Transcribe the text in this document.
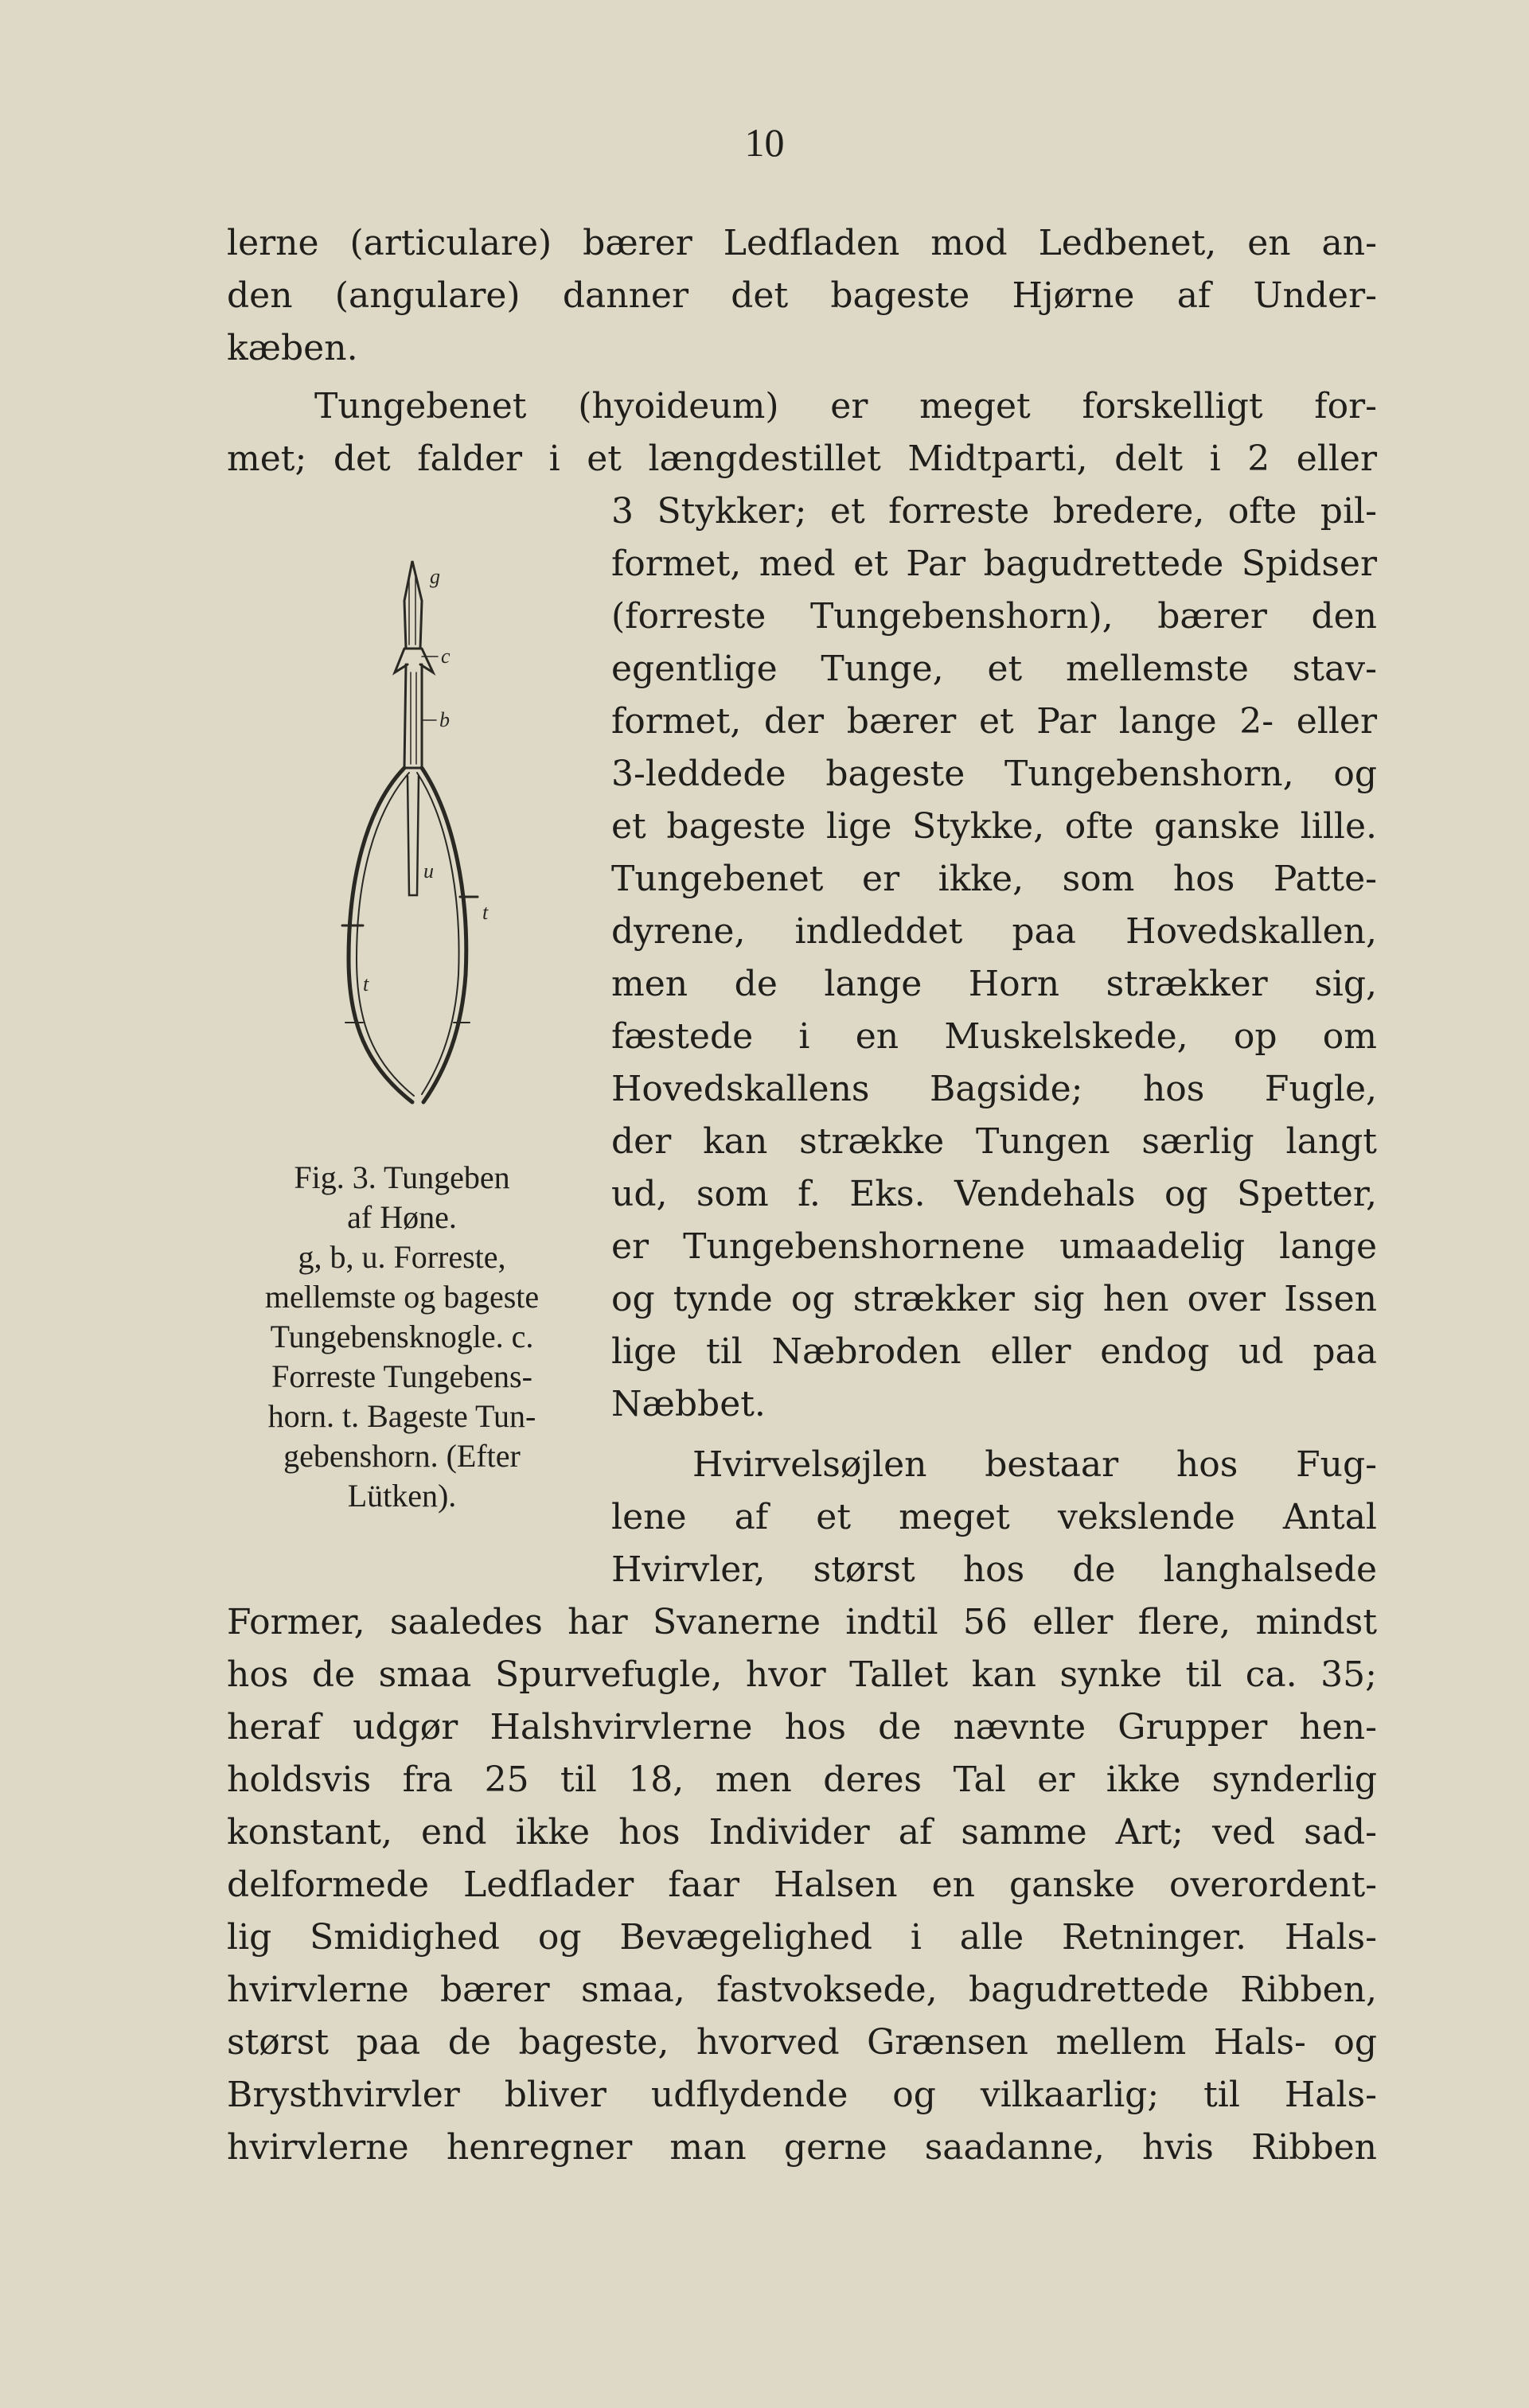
10
lerne (articulare) bærer Ledfladen mod Ledbenet, en an-
den (angulare) danner det bageste Hjørne af Under-
kæben.
Tungebenet (hyoideum) er meget forskelligt for-
met; det falder i et længdestillet Midtparti, delt i 2 eller
3 Stykker; et forreste bredere, ofte pil-
formet, med et Par bagudrettede Spidser
(forreste Tungebenshorn), bærer den
egentlige Tunge, et mellemste stav-
formet, der bærer et Par lange 2- eller
3-leddede bageste Tungebenshorn, og
et bageste lige Stykke, ofte ganske lille.
Tungebenet er ikke, som hos Patte-
dyrene, indleddet paa Hovedskallen,
men de lange Horn strækker sig,
fæstede i en Muskelskede, op om
Hovedskallens Bagside; hos Fugle,
der kan strække Tungen særlig langt
ud, som f. Eks. Vendehals og Spetter,
er Tungebenshornene umaadelig lange
og tynde og strækker sig hen over Issen
lige til Næbroden eller endog ud paa
Næbbet.
Hvirvelsøjlen bestaar hos Fug-
lene af et meget vekslende Antal
Hvirvler, størst hos de langhalsede
Former, saaledes har Svanerne indtil 56 eller flere, mindst
hos de smaa Spurvefugle, hvor Tallet kan synke til ca. 35;
heraf udgør Halshvirvlerne hos de nævnte Grupper hen-
holdsvis fra 25 til 18, men deres Tal er ikke synderlig
konstant, end ikke hos Individer af samme Art; ved sad-
delformede Ledflader faar Halsen en ganske overordent-
lig Smidighed og Bevægelighed i alle Retninger. Hals-
hvirvlerne bærer smaa, fastvoksede, bagudrettede Ribben,
størst paa de bageste, hvorved Grænsen mellem Hals- og
Brysthvirvler bliver udflydende og vilkaarlig; til Hals-
hvirvlerne henregner man gerne saadanne, hvis Ribben
g
c
b
u
t
t
Fig. 3. Tungeben
af Høne.
g, b, u. Forreste,
mellemste og bageste
Tungebensknogle. c.
Forreste Tungebens-
horn. t. Bageste Tun-
gebenshorn. (Efter
Lütken).
